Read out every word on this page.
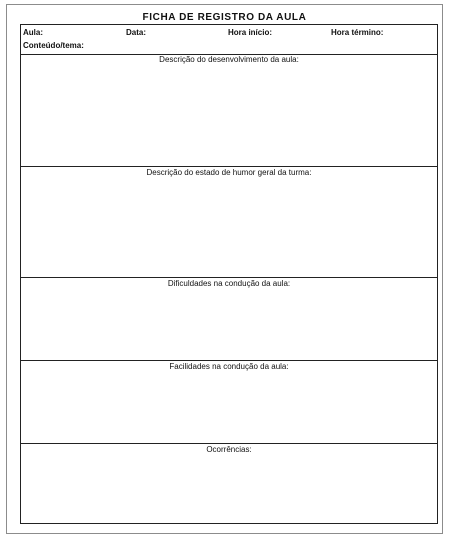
FICHA DE REGISTRO DA AULA
Aula:	Data:	Hora início:	Hora término:
Conteúdo/tema:
Descrição do desenvolvimento da aula:
Descrição do estado de humor geral da turma:
Dificuldades na condução da aula:
Facilidades na condução da aula:
Ocorrências:
